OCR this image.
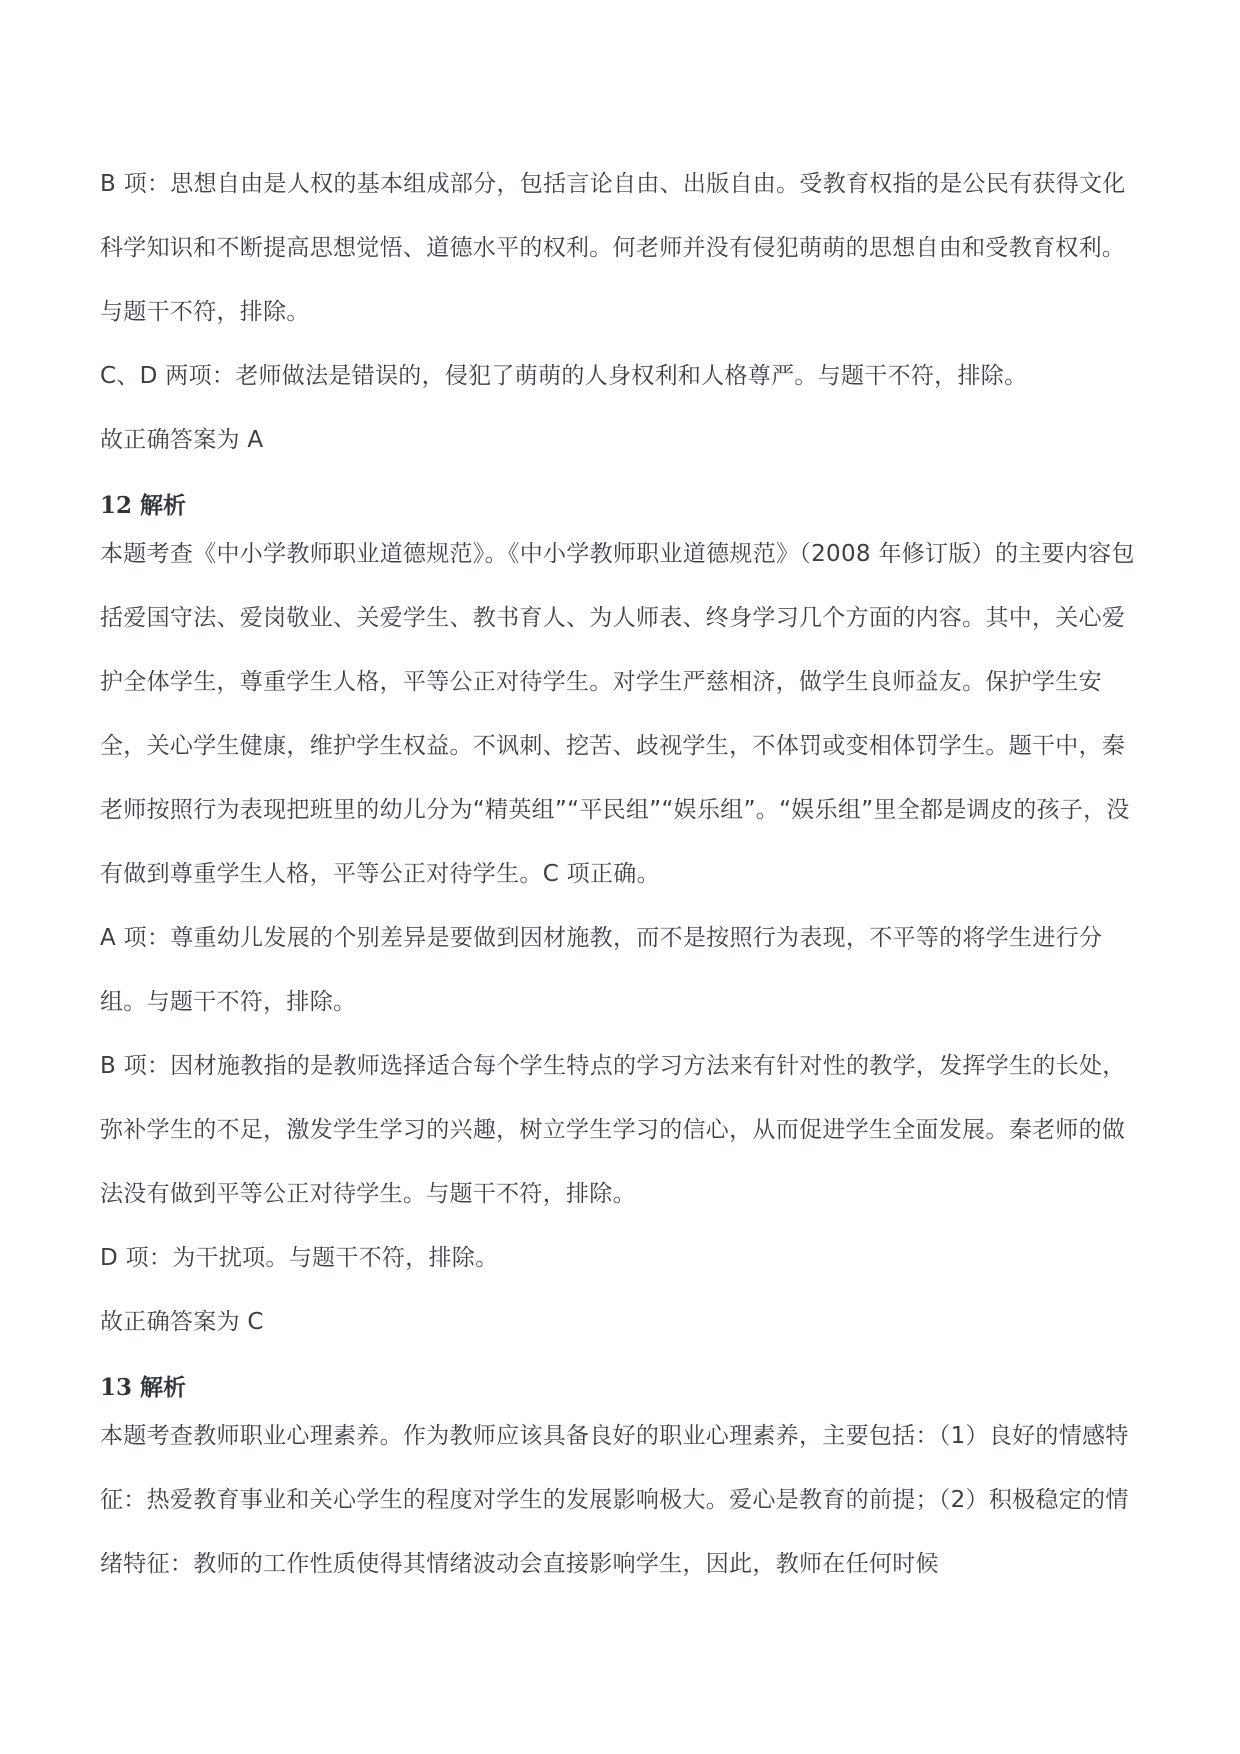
B 项：思想自由是人权的基本组成部分，包括言论自由、出版自由。受教育权指的是公民有获得文化科学知识和不断提高思想觉悟、道德水平的权利。何老师并没有侵犯萌萌的思想自由和受教育权利。与题干不符，排除。

C、D 两项：老师做法是错误的，侵犯了萌萌的人身权利和人格尊严。与题干不符，排除。

故正确答案为 A

12 解析

本题考查《中小学教师职业道德规范》。《中小学教师职业道德规范》（2008 年修订版）的主要内容包括爱国守法、爱岗敬业、关爱学生、教书育人、为人师表、终身学习几个方面的内容。其中，关心爱护全体学生，尊重学生人格，平等公正对待学生。对学生严慈相济，做学生良师益友。保护学生安全，关心学生健康，维护学生权益。不讽刺、挖苦、歧视学生，不体罚或变相体罚学生。题干中，秦老师按照行为表现把班里的幼儿分为“精英组”“平民组”“娱乐组”。“娱乐组”里全都是调皮的孩子，没有做到尊重学生人格，平等公正对待学生。C 项正确。

A 项：尊重幼儿发展的个别差异是要做到因材施教，而不是按照行为表现，不平等的将学生进行分组。与题干不符，排除。

B 项：因材施教指的是教师选择适合每个学生特点的学习方法来有针对性的教学，发挥学生的长处，弥补学生的不足，激发学生学习的兴趣，树立学生学习的信心，从而促进学生全面发展。秦老师的做法没有做到平等公正对待学生。与题干不符，排除。

D 项：为干扰项。与题干不符，排除。

故正确答案为 C

13 解析

本题考查教师职业心理素养。作为教师应该具备良好的职业心理素养，主要包括：（1）良好的情感特征：热爱教育事业和关心学生的程度对学生的发展影响极大。爱心是教育的前提；（2）积极稳定的情绪特征：教师的工作性质使得其情绪波动会直接影响学生，因此，教师在任何时候
